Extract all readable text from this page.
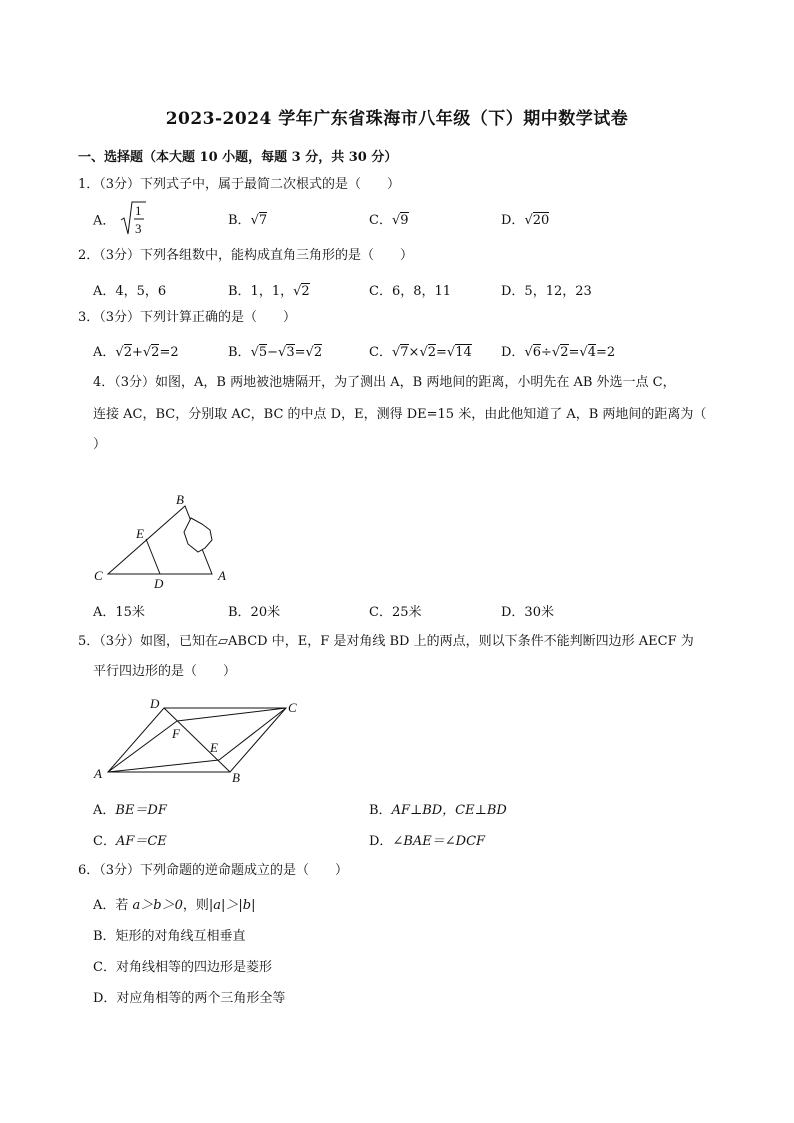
2023-2024 学年广东省珠海市八年级（下）期中数学试卷
一、选择题（本大题 10 小题，每题 3 分，共 30 分）
1．（3分）下列式子中，属于最简二次根式的是（　　）
A．
1
3
B．√7	C．√9	D．√20
2．（3分）下列各组数中，能构成直角三角形的是（　　）
A．4，5，6	B．1，1，√2	C．6，8，11	D．5，12，23
3．（3分）下列计算正确的是（　　）
A．√2+√2=2	B．√5−√3=√2	C．√7×√2=√14 D．√6÷√2=√4=2
4．（3分）如图，A，B 两地被池塘隔开，为了测出 A，B 两地间的距离，小明先在 AB 外选一点 C，
连接 AC，BC，分别取 AC，BC 的中点 D，E，测得 DE=15 米，由此他知道了 A，B 两地间的距离为（
）
B
E
C
D
A
A．15米	B．20米	C．25米	D．30米
5．（3分）如图，已知在▱ABCD 中，E，F 是对角线 BD 上的两点，则以下条件不能判断四边形 AECF 为
平行四边形的是（　　）
D	C
F
E
A	B
A．BE＝DF	B．AF⊥BD，CE⊥BD
C．AF＝CE	D．∠BAE＝∠DCF
6．（3分）下列命题的逆命题成立的是（　　）
A．若 a＞b＞0，则|a|＞|b|
B．矩形的对角线互相垂直
C．对角线相等的四边形是菱形
D．对应角相等的两个三角形全等
